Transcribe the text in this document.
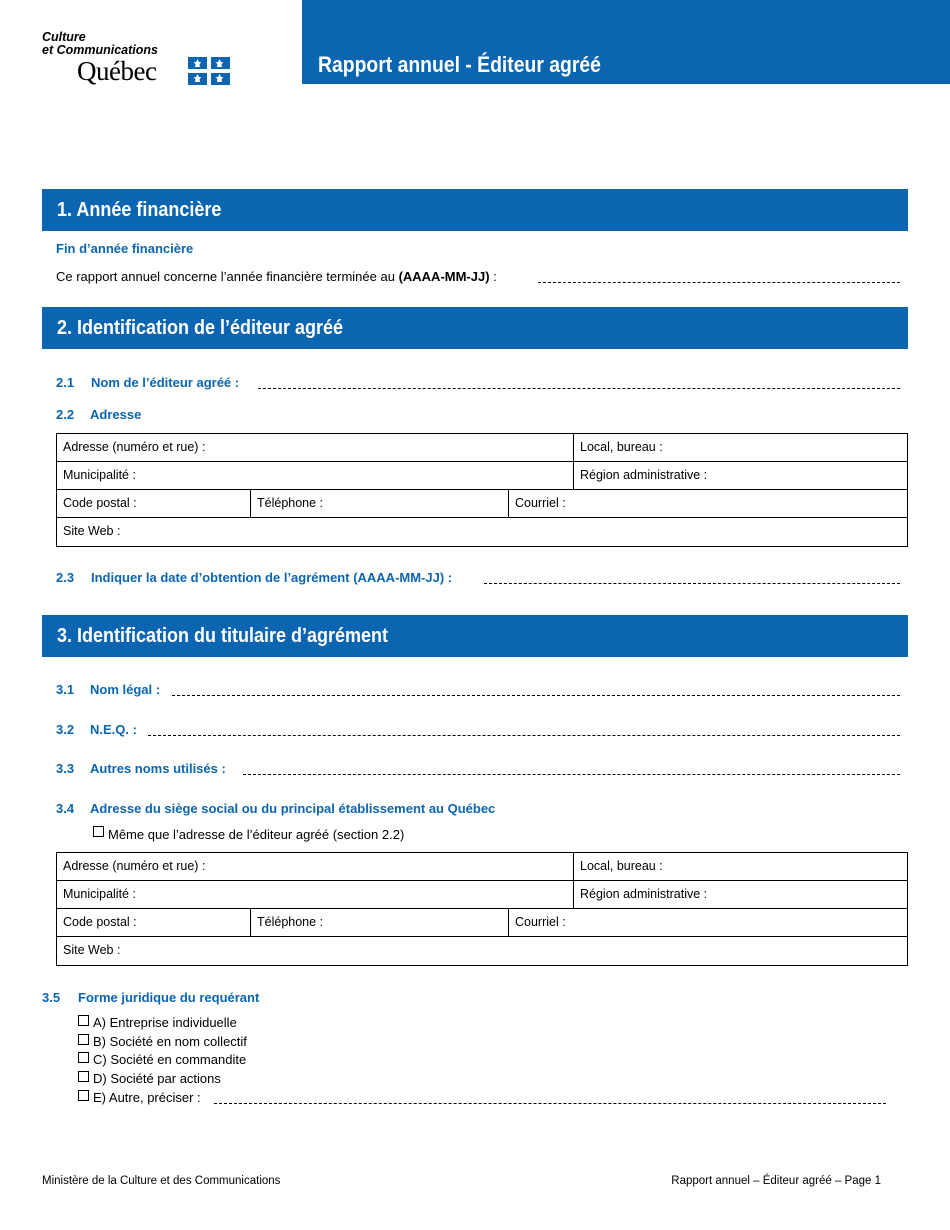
Culture
et Communications
Québec	Rapport annuel - Éditeur agréé
1. Année financière
Fin d’année financière
Ce rapport annuel concerne l’année financière terminée au (AAAA-MM-JJ) :
2. Identification de l’éditeur agréé
2.1 Nom de l’éditeur agréé :
2.2 Adresse
Adresse (numéro et rue) :	Local, bureau :
Municipalité :	Région administrative :
Code postal :	Téléphone :	Courriel :
Site Web :
2.3 Indiquer la date d’obtention de l’agrément (AAAA-MM-JJ) :
3. Identification du titulaire d’agrément
3.1 Nom légal :
3.2 N.E.Q. :
3.3 Autres noms utilisés :
3.4 Adresse du siège social ou du principal établissement au Québec
Même que l’adresse de l’éditeur agréé (section 2.2)
Adresse (numéro et rue) :	Local, bureau :
Municipalité :	Région administrative :
Code postal :	Téléphone :	Courriel :
Site Web :
3.5 Forme juridique du requérant
A) Entreprise individuelle
B) Société en nom collectif
C) Société en commandite
D) Société par actions
E) Autre, préciser :
Ministère de la Culture et des Communications	Rapport annuel – Éditeur agréé – Page 1
